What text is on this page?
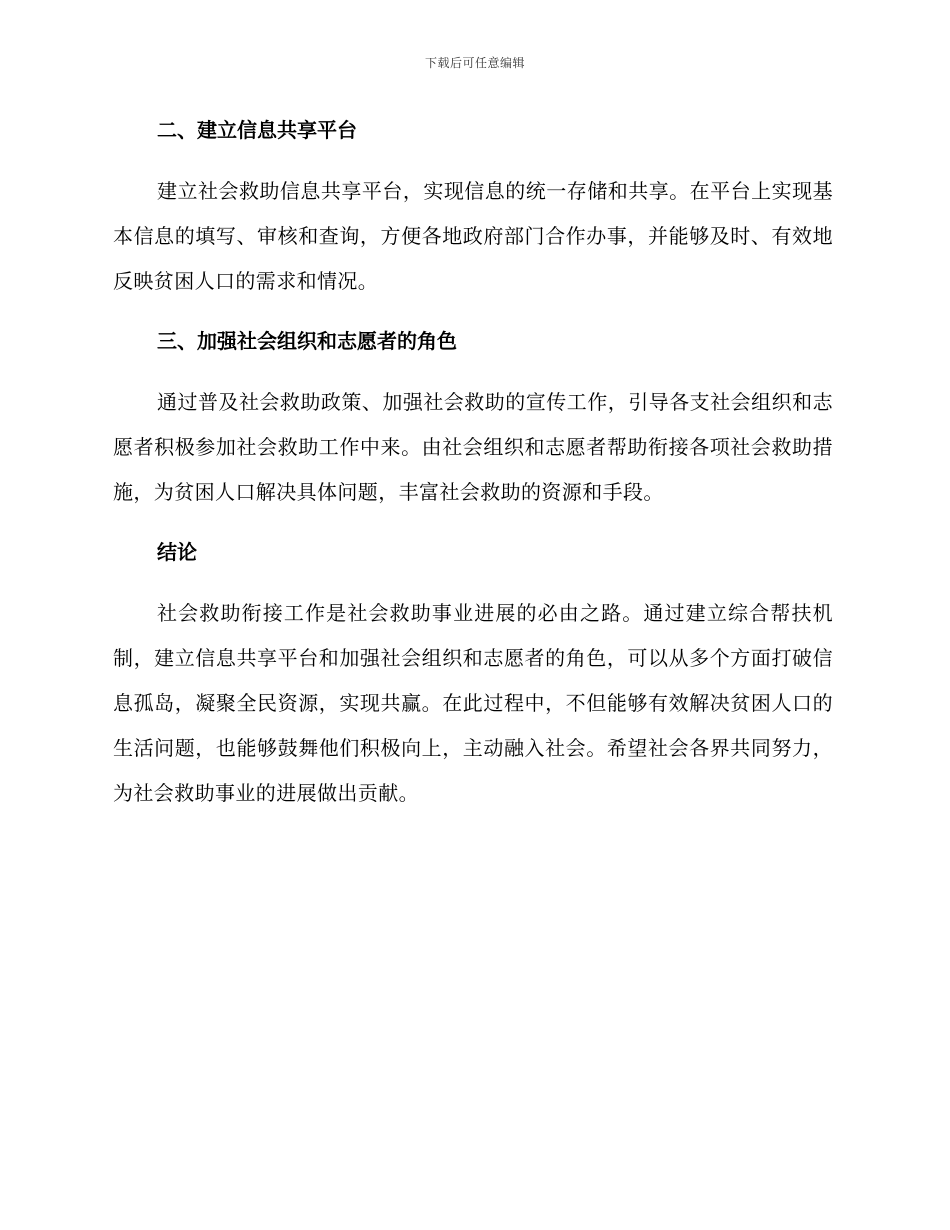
下载后可任意编辑
二、建立信息共享平台

建立社会救助信息共享平台，实现信息的统一存储和共享。在平台上实现基本信息的填写、审核和查询，方便各地政府部门合作办事，并能够及时、有效地反映贫困人口的需求和情况。

三、加强社会组织和志愿者的角色

通过普及社会救助政策、加强社会救助的宣传工作，引导各支社会组织和志愿者积极参加社会救助工作中来。由社会组织和志愿者帮助衔接各项社会救助措施，为贫困人口解决具体问题，丰富社会救助的资源和手段。

结论

社会救助衔接工作是社会救助事业进展的必由之路。通过建立综合帮扶机制，建立信息共享平台和加强社会组织和志愿者的角色，可以从多个方面打破信息孤岛，凝聚全民资源，实现共赢。在此过程中，不但能够有效解决贫困人口的生活问题，也能够鼓舞他们积极向上，主动融入社会。希望社会各界共同努力，为社会救助事业的进展做出贡献。
